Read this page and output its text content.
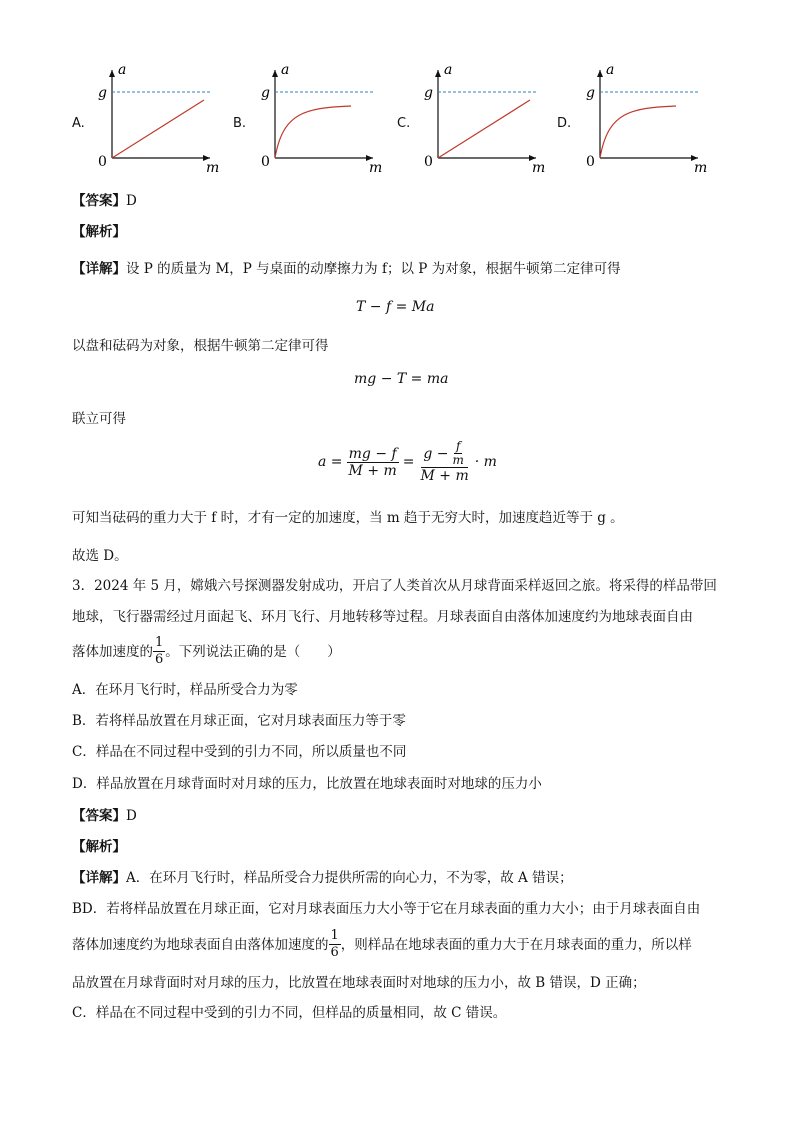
A.
a
g
0	m
B.
a
g
0	m
C.
a
g
0	m
D.
a
g
0	m
【答案】D
【解析】
【详解】设 P 的质量为 M，P 与桌面的动摩擦力为 f；以 P 为对象，根据牛顿第二定律可得
T − f = Ma
以盘和砝码为对象，根据牛顿第二定律可得
mg − T = ma
联立可得
$a = \frac{mg - f}{M + m} = \frac{g - \frac{f}{m}}{M + m} \cdot m$
可知当砝码的重力大于 f 时，才有一定的加速度，当 m 趋于无穷大时，加速度趋近等于 g 。
故选 D。
3．2024 年 5 月，嫦娥六号探测器发射成功，开启了人类首次从月球背面采样返回之旅。将采得的样品带回
地球，飞行器需经过月面起飞、环月飞行、月地转移等过程。月球表面自由落体加速度约为地球表面自由
落体加速度的 $\frac{1}{6}$ 。下列说法正确的是（　　）
A．在环月飞行时，样品所受合力为零
B．若将样品放置在月球正面，它对月球表面压力等于零
C．样品在不同过程中受到的引力不同，所以质量也不同
D．样品放置在月球背面时对月球的压力，比放置在地球表面时对地球的压力小
【答案】D
【解析】
【详解】A．在环月飞行时，样品所受合力提供所需的向心力，不为零，故 A 错误；
BD．若将样品放置在月球正面，它对月球表面压力大小等于它在月球表面的重力大小；由于月球表面自由
落体加速度约为地球表面自由落体加速度的 $\frac{1}{6}$ ，则样品在地球表面的重力大于在月球表面的重力，所以样
品放置在月球背面时对月球的压力，比放置在地球表面时对地球的压力小，故 B 错误，D 正确；
C．样品在不同过程中受到的引力不同，但样品的质量相同，故 C 错误。
